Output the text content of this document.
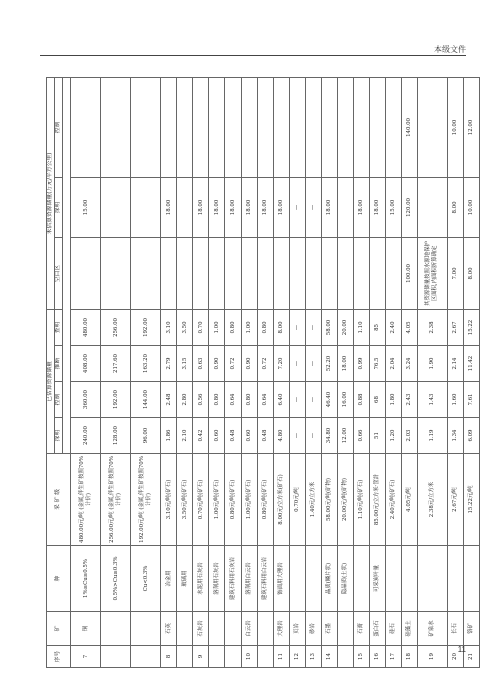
本级文件
序号	矿	种	采 矿 级	已估算资源储量				未估算资源储量(万元/平方公里)		
				探明	控制	推断	查明	空白区	探明	控制

7	铜	1%≥Cu≥0.5%	480.00元/吨 (金属,伴生矿按照70%计价)	240.00	360.00	408.00	480.00		15.00	
		0.5%>Cu≥0.3%	256.00元/吨 (金属,伴生矿按照70%计价)	128.00	192.00	217.60	256.00			
		Cu<0.3%	192.00元/吨 (金属,伴生矿按照70%计价)	96.00	144.00	163.20	192.00			
8	石英	冶金用	3.10元/吨(矿石)	1.86	2.48	2.79	3.10		18.00	
		玻璃用	3.50元/吨(矿石)	2.10	2.80	3.15	3.50			
9	石灰岩	水泥用石灰岩	0.70元/吨(矿石)	0.42	0.56	0.63	0.70		18.00	
		溶剂用石灰岩	1.00元/吨(矿石)	0.60	0.80	0.90	1.00		18.00	
		建筑石料用石灰岩	0.80元/吨(矿石)	0.48	0.64	0.72	0.80		18.00	
10	白云岩	溶剂用白云岩	1.00元/吨(矿石)	0.60	0.80	0.90	1.00		18.00	
		建筑石料用白云岩	0.80元/吨(矿石)	0.48	0.64	0.72	0.80		18.00	
11	大理岩	饰面用大理岩	8.00元/立方米(矿石)	4.80	6.40	7.20	8.00		18.00	
12	页岩		0.70元/吨	—	—	—	—		—	
13	砂岩		1.40元/立方米	—	—	—	—		—	
14	石墨	晶质(鳞片状)	58.00元/吨(矿物)	34.80	46.40	52.20	58.00		18.00	
		隐晶质(土状)	20.00元/吨(矿物)	12.00	16.00	18.00	20.00			
15	石膏		1.10元/吨(矿石)	0.66	0.88	0.99	1.10		18.00	
16	蛋白石	可采炭叶量	85.00元/立方米·筐計	51	68	76.5	85		18.00	
17	硅石		2.40元/吨(矿石)	1.20	1.80	2.04	2.40		15.00	
18	硅藻土		4.05元/吨	2.03	2.43	3.24	4.05	100.00	120.00	140.00
19	矿泉水		2.38元/立方米	1.19	1.43	1.90	2.38	其资源储量按照水源地保护区面积,内面积折算确定		
20	长石		2.67元/吨	1.34	1.60	2.14	2.67	7.00	8.00	10.00
21	铬矿		15.22元/吨	6.09	7.61	11.42	15.22	8.00	10.00	12.00
11
